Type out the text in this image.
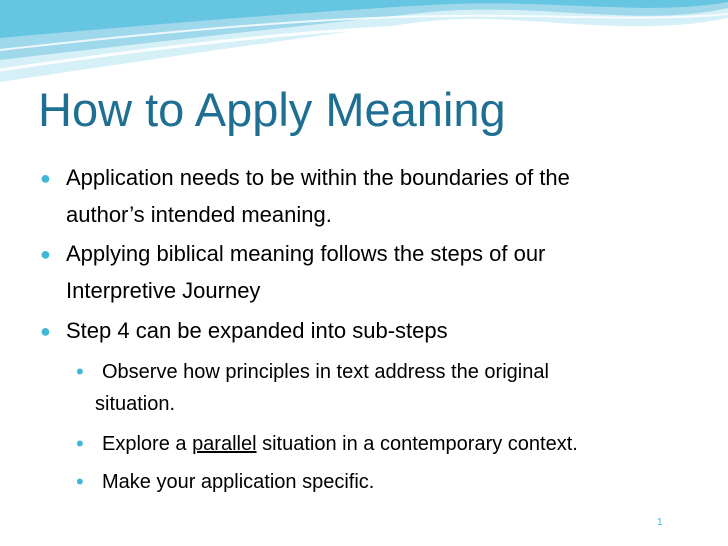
How to Apply Meaning
● Application needs to be within the boundaries of the
author’s intended meaning.
● Applying biblical meaning follows the steps of our
Interpretive Journey
● Step 4 can be expanded into sub-steps
• Observe how principles in text address the original
situation.
• Explore a parallel situation in a contemporary context.
• Make your application specific.
1
